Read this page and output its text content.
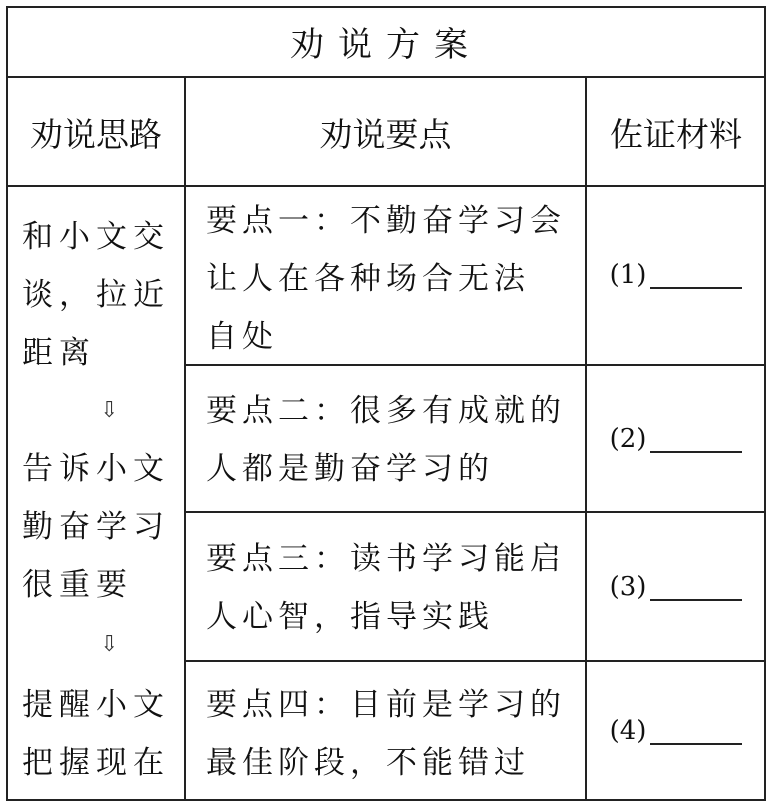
劝说方案
劝说思路	劝说要点	佐证材料
和小文交
谈，拉近
距离
⇩
告诉小文
勤奋学习
很重要
⇩
提醒小文
把握现在
要点一：不勤奋学习会
让人在各种场合无法
自处
要点二：很多有成就的
人都是勤奋学习的
要点三：读书学习能启
人心智，指导实践
要点四：目前是学习的
最佳阶段，不能错过
(1)
(2)
(3)
(4)
